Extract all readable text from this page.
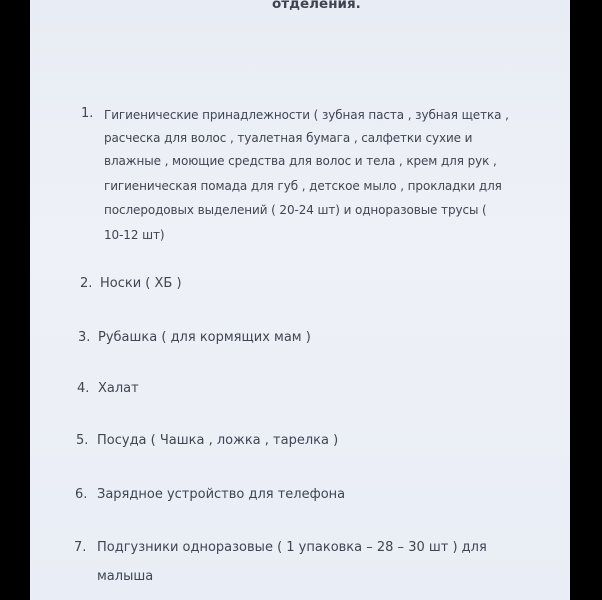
отделения.
1. Гигиенические принадлежности ( зубная паста , зубная щетка ,
расческа для волос , туалетная бумага , салфетки сухие и
влажные , моющие средства для волос и тела , крем для рук ,
гигиеническая помада для губ , детское мыло , прокладки для
послеродовых выделений ( 20-24 шт) и одноразовые трусы (
10-12 шт)
2. Носки ( ХБ )
3. Рубашка ( для кормящих мам )
4. Халат
5. Посуда ( Чашка , ложка , тарелка )
6. Зарядное устройство для телефона
7. Подгузники одноразовые ( 1 упаковка – 28 – 30 шт ) для
малыша
